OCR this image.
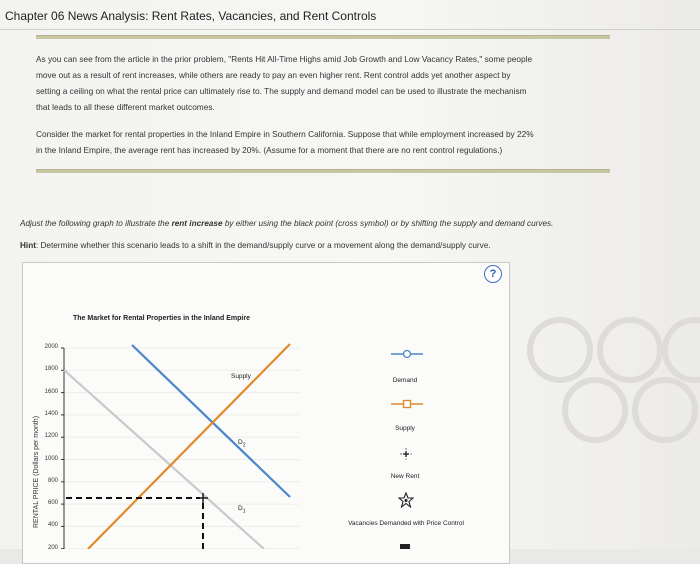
Chapter 06 News Analysis: Rent Rates, Vacancies, and Rent Controls
As you can see from the article in the prior problem, "Rents Hit All-Time Highs amid Job Growth and Low Vacancy Rates," some people
move out as a result of rent increases, while others are ready to pay an even higher rent. Rent control adds yet another aspect by
setting a ceiling on what the rental price can ultimately rise to. The supply and demand model can be used to illustrate the mechanism
that leads to all these different market outcomes.
Consider the market for rental properties in the Inland Empire in Southern California. Suppose that while employment increased by 22%
in the Inland Empire, the average rent has increased by 20%. (Assume for a moment that there are no rent control regulations.)
Adjust the following graph to illustrate the rent increase by either using the black point (cross symbol) or by shifting the supply and demand curves.
Hint: Determine whether this scenario leads to a shift in the demand/supply curve or a movement along the demand/supply curve.
?
The Market for Rental Properties in the Inland Empire
RENTAL PRICE (Dollars per month)
2000
1800
1600
1400
1200
1000
800
600
400
200
Supply
$D_2$
$D_1$
Demand
Supply
New Rent
Vacancies Demanded with Price Control
